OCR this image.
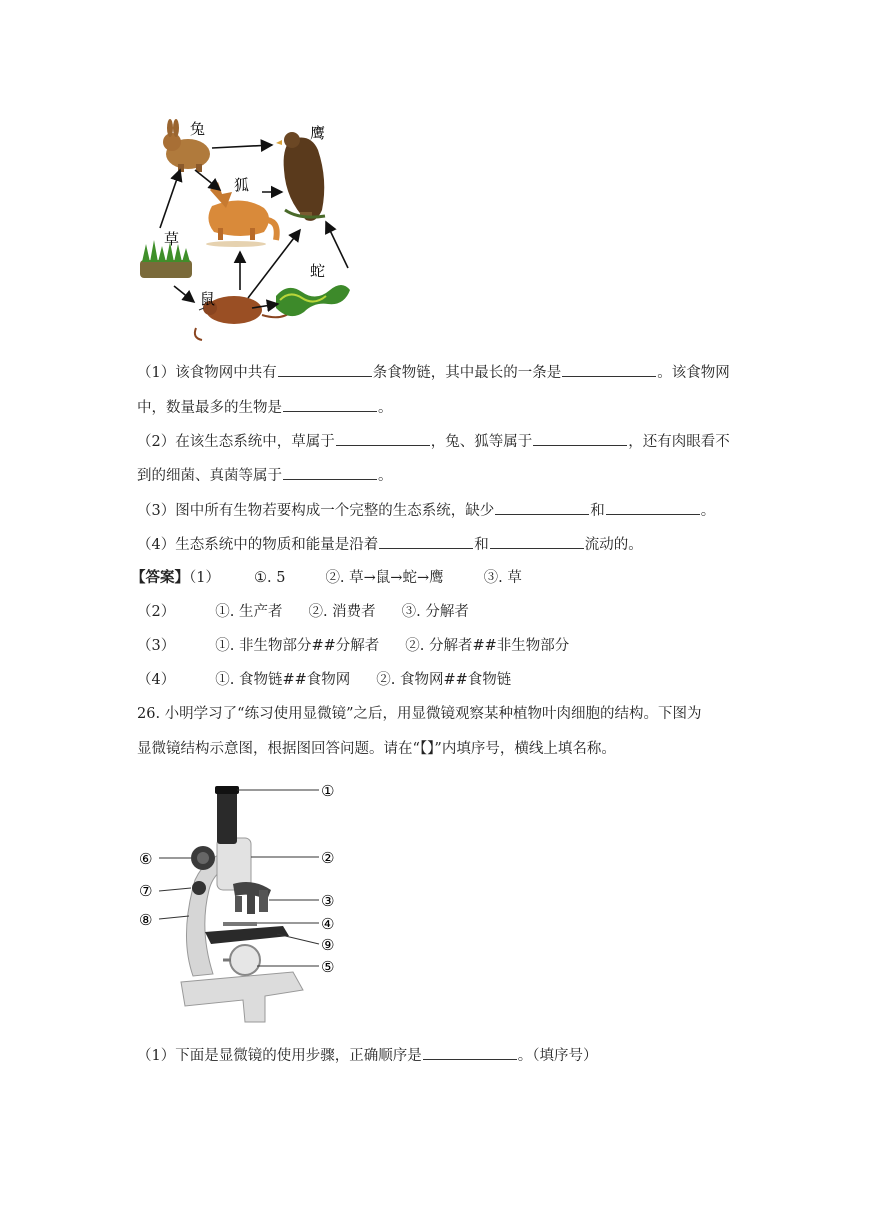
兔	鹰
狐
草
鼠
蛇
（1）该食物网中共有	条食物链，其中最长的一条是	。该食物网
中，数量最多的生物是	。
（2）在该生态系统中，草属于	，兔、狐等属于	，还有肉眼看不
到的细菌、真菌等属于	。
（3）图中所有生物若要构成一个完整的生态系统，缺少	和	。
（4）生态系统中的物质和能量是沿着	和	流动的。
【答案】（1） ①. 5	②. 草→鼠→蛇→鹰	③. 草
（2）	①. 生产者 ②. 消费者 ③. 分解者
（3）	①. 非生物部分##分解者 ②. 分解者##非生物部分
（4）	①. 食物链##食物网 ②. 食物网##食物链
26. 小明学习了“练习使用显微镜”之后，用显微镜观察某种植物叶肉细胞的结构。下图为
显微镜结构示意图，根据图回答问题。请在“【】”内填序号，横线上填名称。
①
②
③
④
⑤
⑥
⑦
⑧
⑨
（1）下面是显微镜的使用步骤，正确顺序是	。（填序号）
